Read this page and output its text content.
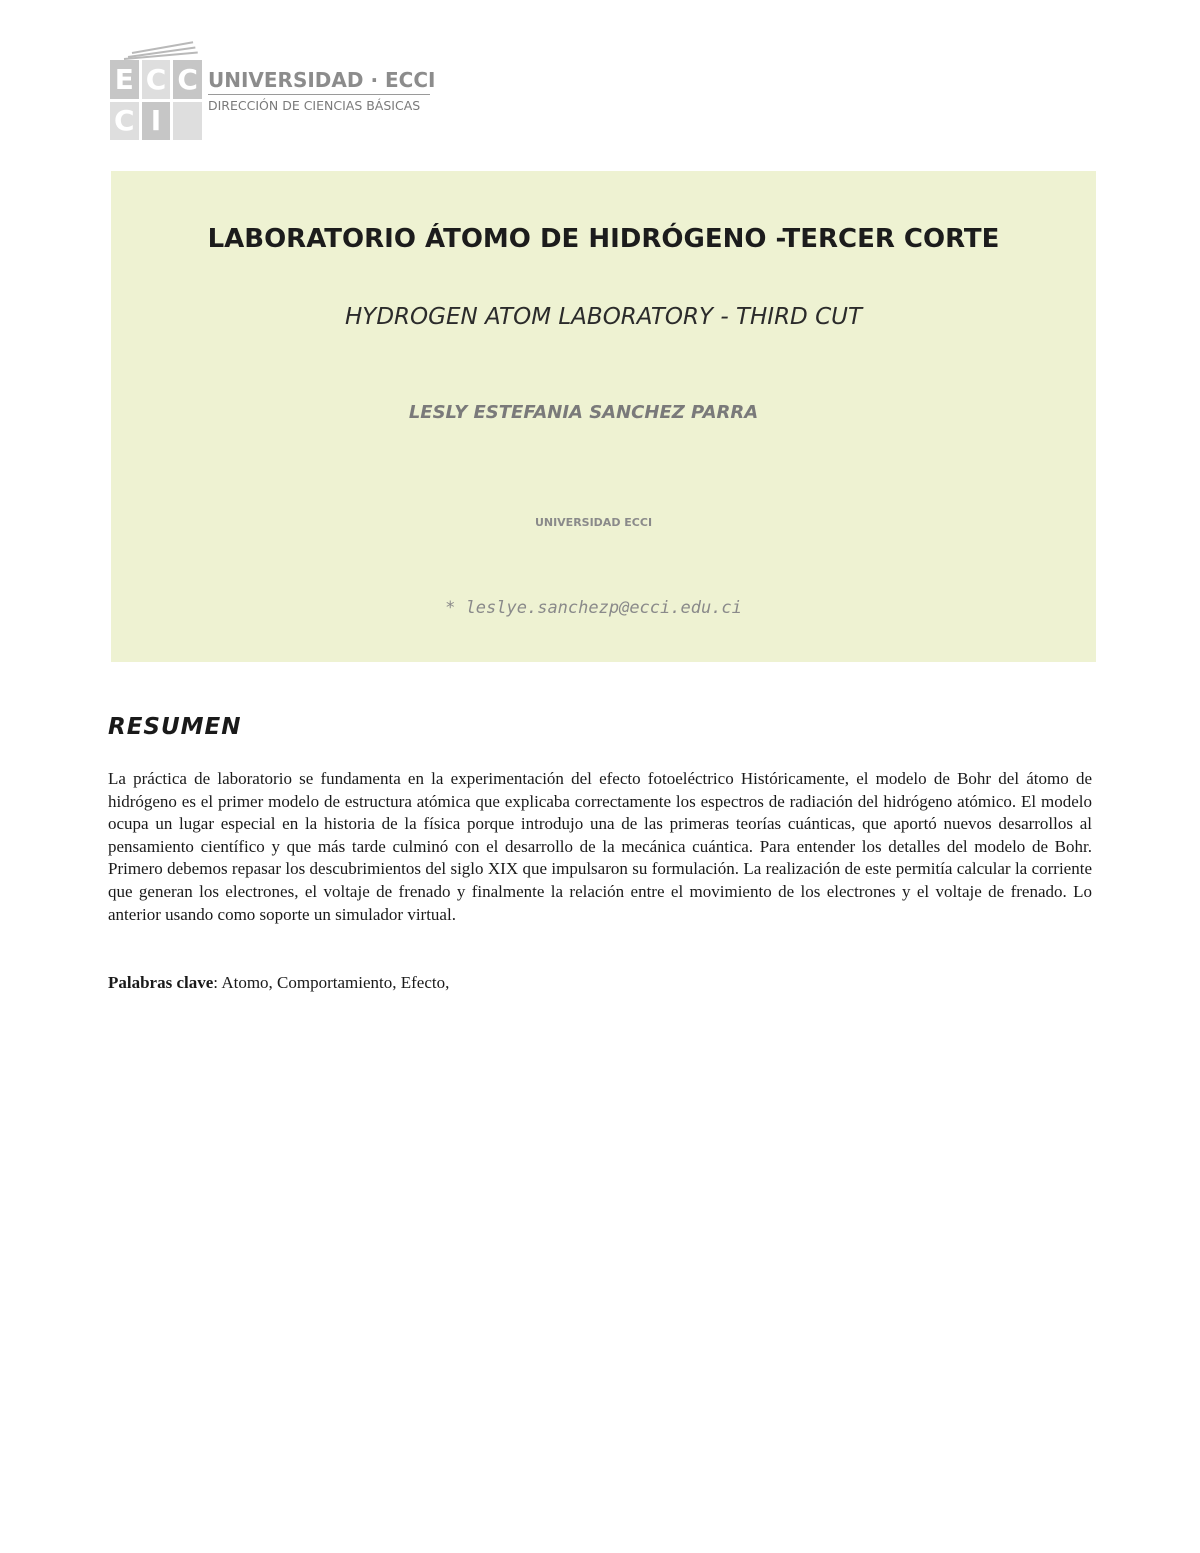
E C C
C I
UNIVERSIDAD · ECCI
DIRECCIÓN DE CIENCIAS BÁSICAS
LABORATORIO ÁTOMO DE HIDRÓGENO -TERCER CORTE
HYDROGEN ATOM LABORATORY - THIRD CUT
LESLY ESTEFANIA SANCHEZ PARRA
UNIVERSIDAD ECCI
* leslye.sanchezp@ecci.edu.ci
RESUMEN

La práctica de laboratorio se fundamenta en la experimentación del efecto fotoeléctrico Históricamente, el modelo de Bohr del átomo de hidrógeno es el primer modelo de estructura atómica que explicaba correctamente los espectros de radiación del hidrógeno atómico. El modelo ocupa un lugar especial en la historia de la física porque introdujo una de las primeras teorías cuánticas, que aportó nuevos desarrollos al pensamiento científico y que más tarde culminó con el desarrollo de la mecánica cuántica. Para entender los detalles del modelo de Bohr. Primero debemos repasar los descubrimientos del siglo XIX que impulsaron su formulación. La realización de este permitía calcular la corriente que generan los electrones, el voltaje de frenado y finalmente la relación entre el movimiento de los electrones y el voltaje de frenado. Lo anterior usando como soporte un simulador virtual.

Palabras clave: Atomo, Comportamiento, Efecto,
